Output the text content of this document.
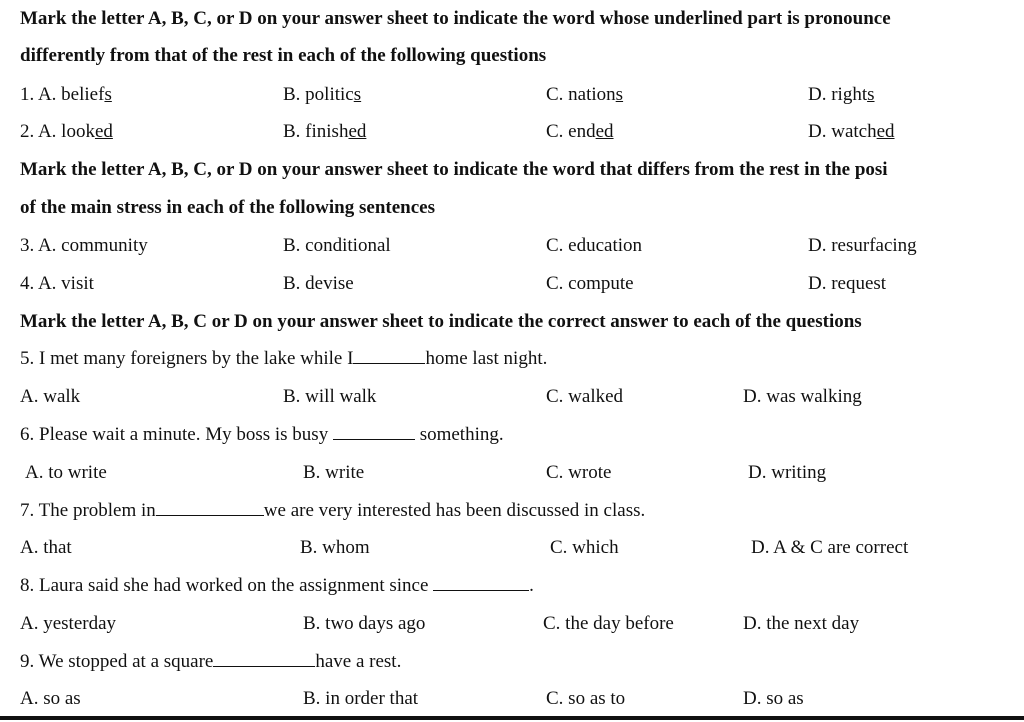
Mark the letter A, B, C, or D on your answer sheet to indicate the word whose underlined part is pronounce
differently from that of the rest in each of the following questions
1. A. beliefs	B. politics	C. nations	D. rights
2. A. looked	B. finished	C. ended	D. watched
Mark the letter A, B, C, or D on your answer sheet to indicate the word that differs from the rest in the posi
of the main stress in each of the following sentences
3. A. community	B. conditional	C. education	D. resurfacing
4. A. visit	B. devise	C. compute	D. request
Mark the letter A, B, C or D on your answer sheet to indicate the correct answer to each of the questions
5. I met many foreigners by the lake while I	home last night.
A. walk	B. will walk	C. walked	D. was walking
6. Please wait a minute. My boss is busy	something.
A. to write	B. write	C. wrote	D. writing
7. The problem in	we are very interested has been discussed in class.
A. that	B. whom	C. which	D. A & C are correct
8. Laura said she had worked on the assignment since	.
A. yesterday	B. two days ago	C. the day before	D. the next day
9. We stopped at a square	have a rest.
A. so as	B. in order that	C. so as to	D. so as
